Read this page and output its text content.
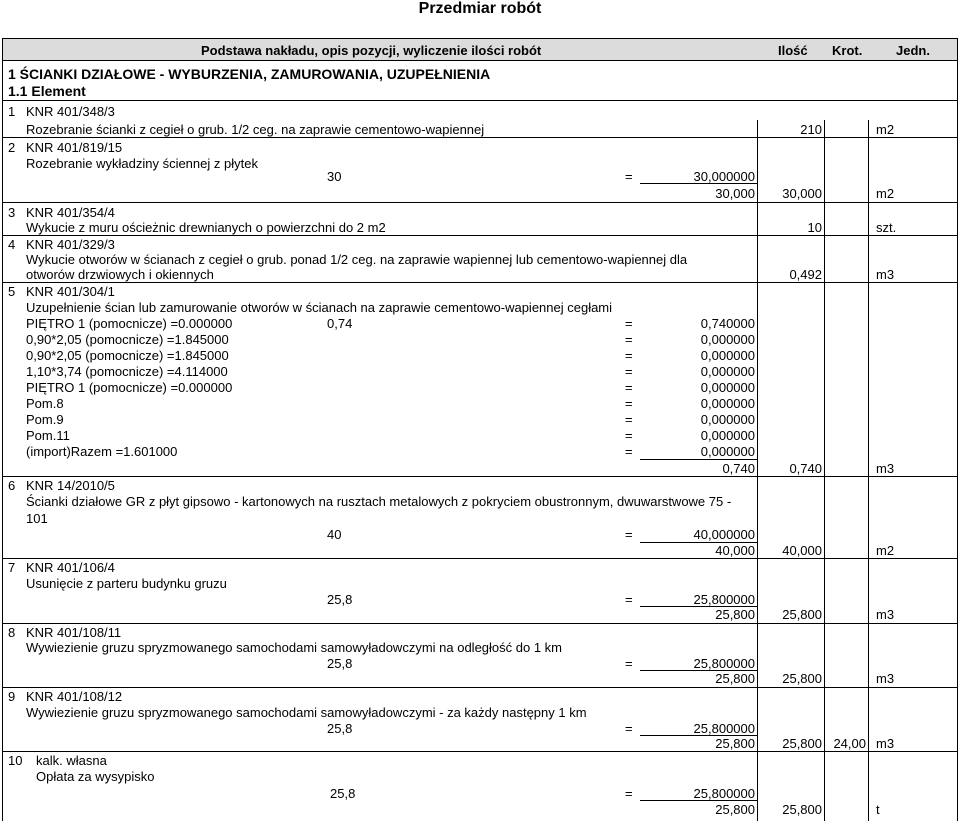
Przedmiar robót
Podstawa nakładu, opis pozycji, wyliczenie ilości robót	Ilość Krot.	Jedn.
1 ŚCIANKI DZIAŁOWE - WYBURZENIA, ZAMUROWANIA, UZUPEŁNIENIA
1.1 Element
1 KNR 401/348/3
Rozebranie ścianki z cegieł o grub. 1/2 ceg. na zaprawie cementowo-wapiennej	210	m2
2 KNR 401/819/15
Rozebranie wykładziny ściennej z płytek
30	=	30,000000
30,000	30,000	m2
3 KNR 401/354/4
Wykucie z muru ościeżnic drewnianych o powierzchni do 2 m2	10	szt.
4 KNR 401/329/3
Wykucie otworów w ścianach z cegieł o grub. ponad 1/2 ceg. na zaprawie wapiennej lub cementowo-wapiennej dla
otworów drzwiowych i okiennych	0,492	m3
5 KNR 401/304/1
Uzupełnienie ścian lub zamurowanie otworów w ścianach na zaprawie cementowo-wapiennej cegłami
PIĘTRO 1 (pomocnicze) =0.000000	0,74	=	0,740000
0,90*2,05 (pomocnicze) =1.845000	=	0,000000
0,90*2,05 (pomocnicze) =1.845000	=	0,000000
1,10*3,74 (pomocnicze) =4.114000	=	0,000000
PIĘTRO 1 (pomocnicze) =0.000000	=	0,000000
Pom.8	=	0,000000
Pom.9	=	0,000000
Pom.11	=	0,000000
(import)Razem =1.601000	=	0,000000
0,740	0,740	m3
6 KNR 14/2010/5
Ścianki działowe GR z płyt gipsowo - kartonowych na rusztach metalowych z pokryciem obustronnym, dwuwarstwowe 75 -
101
40	=	40,000000
40,000	40,000	m2
7 KNR 401/106/4
Usunięcie z parteru budynku gruzu
25,8	=	25,800000
25,800	25,800	m3
8 KNR 401/108/11
Wywiezienie gruzu spryzmowanego samochodami samowyładowczymi na odległość do 1 km
25,8	=	25,800000
25,800	25,800	m3
9 KNR 401/108/12
Wywiezienie gruzu spryzmowanego samochodami samowyładowczymi - za każdy następny 1 km
25,8	=	25,800000
25,800	25,800 24,00 m3
10 kalk. własna
Opłata za wysypisko
25,8	=	25,800000
25,800	25,800	t
